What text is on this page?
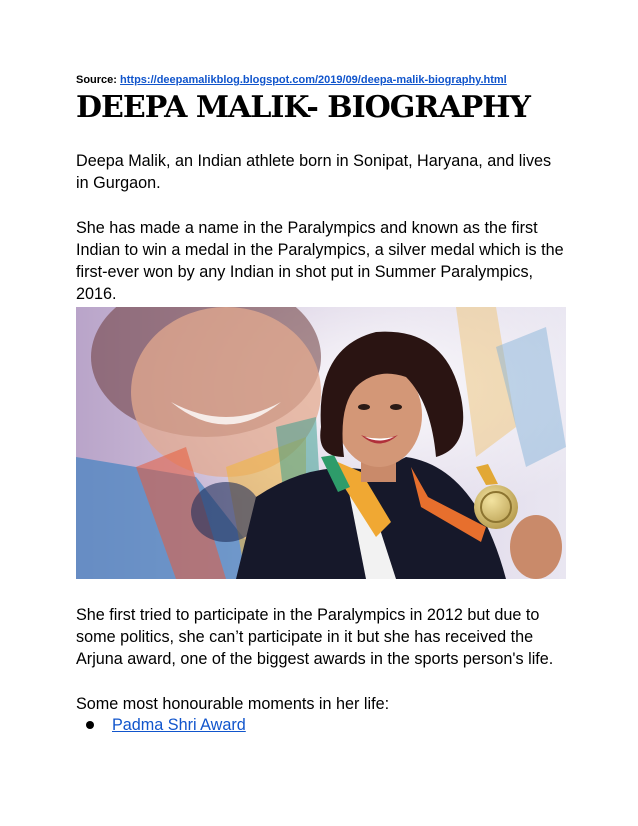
Source: https://deepamalikblog.blogspot.com/2019/09/deepa-malik-biography.html
DEEPA MALIK- BIOGRAPHY

Deepa Malik, an Indian athlete born in Sonipat, Haryana, and lives in Gurgaon.

She has made a name in the Paralympics and known as the first Indian to win a medal in the Paralympics, a silver medal which is the first-ever won by any Indian in shot put in Summer Paralympics, 2016.

She first tried to participate in the Paralympics in 2012 but due to some politics, she can’t participate in it but she has received the Arjuna award, one of the biggest awards in the sports person's life.

Some most honourable moments in her life:

Padma Shri Award
